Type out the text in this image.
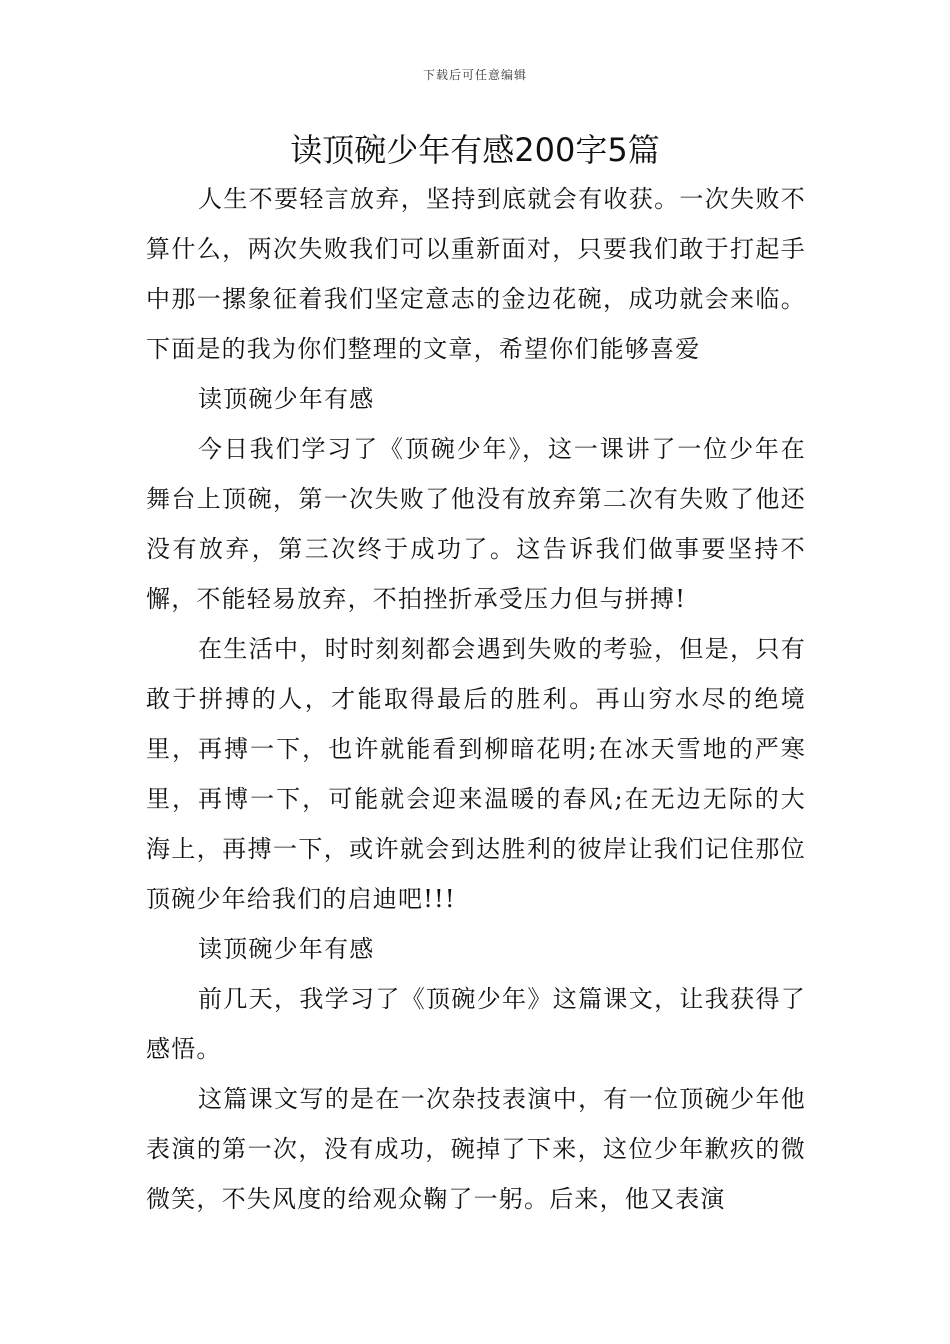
下载后可任意编辑
读顶碗少年有感200字5篇

人生不要轻言放弃，坚持到底就会有收获。一次失败不算什么，两次失败我们可以重新面对，只要我们敢于打起手中那一摞象征着我们坚定意志的金边花碗，成功就会来临。下面是的我为你们整理的文章，希望你们能够喜爱

读顶碗少年有感

今日我们学习了《顶碗少年》，这一课讲了一位少年在舞台上顶碗，第一次失败了他没有放弃第二次有失败了他还没有放弃，第三次终于成功了。这告诉我们做事要坚持不懈，不能轻易放弃，不拍挫折承受压力但与拼搏!

在生活中，时时刻刻都会遇到失败的考验，但是，只有敢于拼搏的人，才能取得最后的胜利。再山穷水尽的绝境里，再搏一下，也许就能看到柳暗花明;在冰天雪地的严寒里，再博一下，可能就会迎来温暖的春风;在无边无际的大海上，再搏一下，或许就会到达胜利的彼岸让我们记住那位顶碗少年给我们的启迪吧!!!

读顶碗少年有感

前几天，我学习了《顶碗少年》这篇课文，让我获得了感悟。

这篇课文写的是在一次杂技表演中，有一位顶碗少年他表演的第一次，没有成功，碗掉了下来，这位少年歉疚的微微笑，不失风度的给观众鞠了一躬。后来，他又表演
